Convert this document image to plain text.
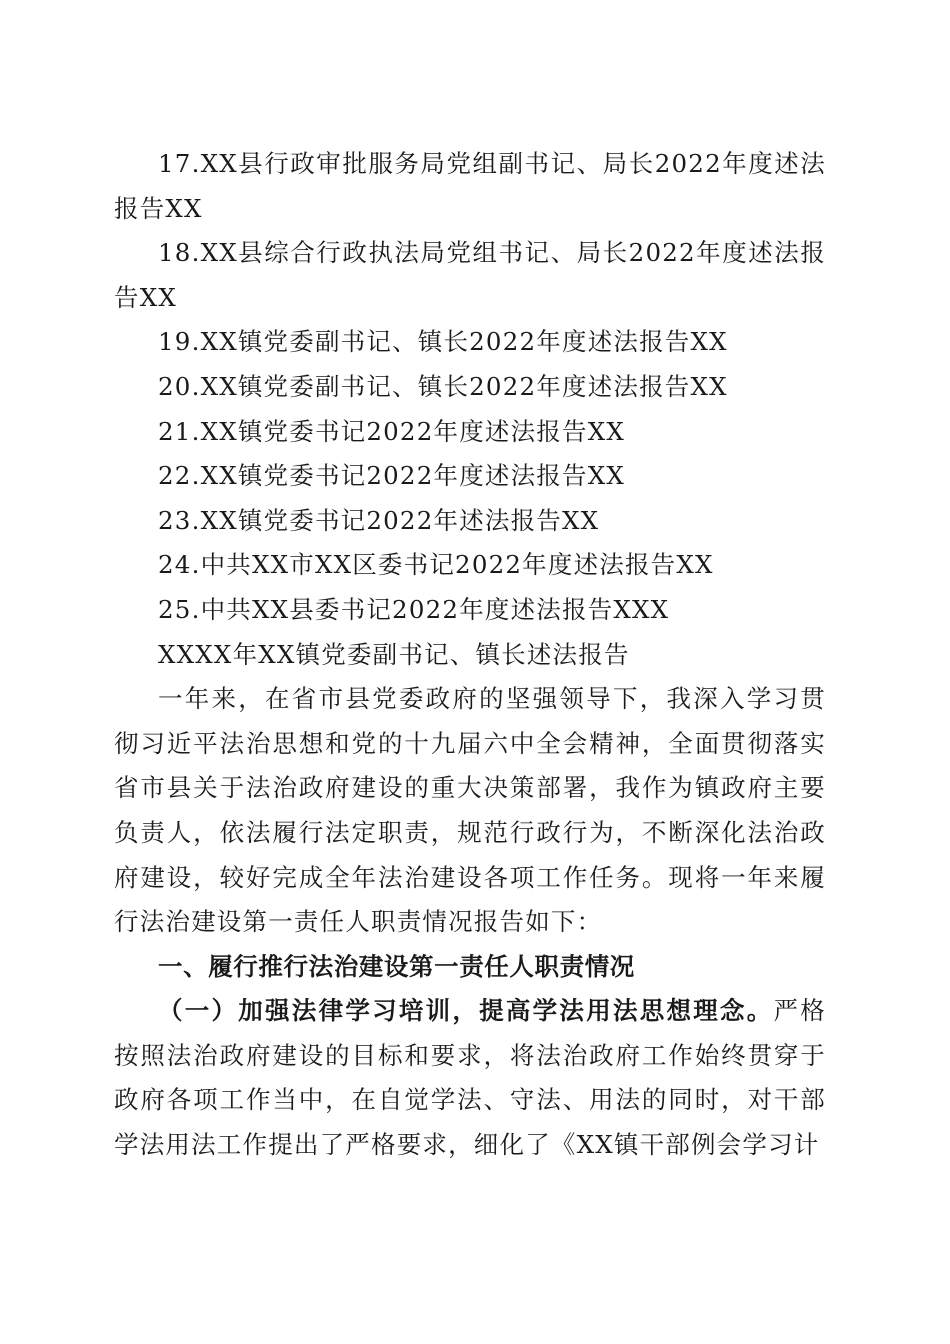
17.XX县行政审批服务局党组副书记、局长2022年度述法报告XX

18.XX县综合行政执法局党组书记、局长2022年度述法报告XX

19.XX镇党委副书记、镇长2022年度述法报告XX

20.XX镇党委副书记、镇长2022年度述法报告XX

21.XX镇党委书记2022年度述法报告XX

22.XX镇党委书记2022年度述法报告XX

23.XX镇党委书记2022年述法报告XX

24.中共XX市XX区委书记2022年度述法报告XX

25.中共XX县委书记2022年度述法报告XXX

XXXX年XX镇党委副书记、镇长述法报告

一年来，在省市县党委政府的坚强领导下，我深入学习贯彻习近平法治思想和党的十九届六中全会精神，全面贯彻落实省市县关于法治政府建设的重大决策部署，我作为镇政府主要负责人，依法履行法定职责，规范行政行为，不断深化法治政府建设，较好完成全年法治建设各项工作任务。现将一年来履行法治建设第一责任人职责情况报告如下：

一、履行推行法治建设第一责任人职责情况

（一）加强法律学习培训，提高学法用法思想理念。严格按照法治政府建设的目标和要求，将法治政府工作始终贯穿于政府各项工作当中，在自觉学法、守法、用法的同时，对干部学法用法工作提出了严格要求，细化了《XX镇干部例会学习计
